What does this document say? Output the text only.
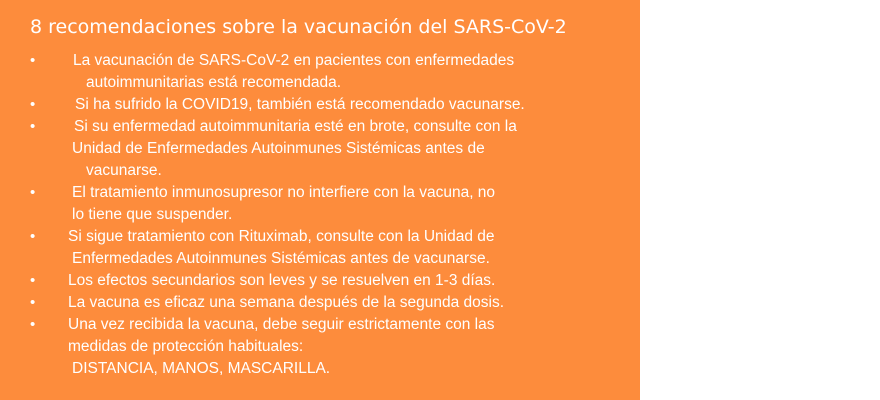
8 recomendaciones sobre la vacunación del SARS-CoV-2
•	La vacunación de SARS-CoV-2 en pacientes con enfermedades
autoimmunitarias está recomendada.
•	Si ha sufrido la COVID19, también está recomendado vacunarse.
•	Si su enfermedad autoimmunitaria esté en brote, consulte con la
Unidad de Enfermedades Autoinmunes Sistémicas antes de
vacunarse.
•	El tratamiento inmunosupresor no interfiere con la vacuna, no
lo tiene que suspender.
•	Si sigue tratamiento con Rituximab, consulte con la Unidad de
Enfermedades Autoinmunes Sistémicas antes de vacunarse.
•	Los efectos secundarios son leves y se resuelven en 1-3 días.
•	La vacuna es eficaz una semana después de la segunda dosis.
•	Una vez recibida la vacuna, debe seguir estrictamente con las
medidas de protección habituales:
DISTANCIA, MANOS, MASCARILLA.
